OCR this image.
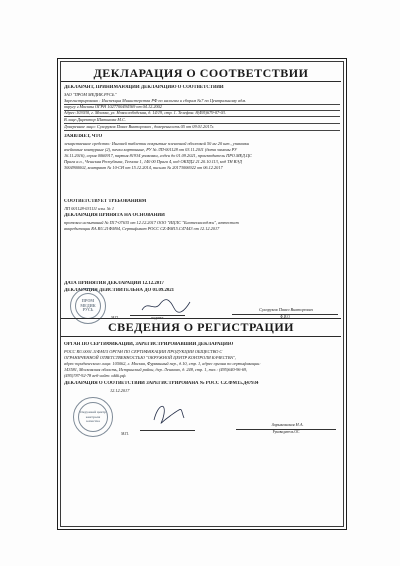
ДЕКЛАРАЦИЯ О СООТВЕТСТВИИ
ДЕКЛАРАНТ, ПРИНИМАЮЩИЙ ДЕКЛАРАЦИЮ О СООТВЕТСТВИИ
ЗАО "ПРОМ МЕДИК.РУСЬ"
Зарегистрировано : Инспекция Министерства РФ по налогам и сборам №7 по Центральному адм.
округу г.Москвы ОГРН 1027700494369 от 04.12.2002
Адрес:103030, г. Москва, ул. Новослободская, д. 14/19, стр. 1. Телефон: 8(495)679-07-03.
В лице:Директор Шатькова М.С.
Доверенное лицо: Сухоруков Павел Викторович , доверенность 05 от 09.01.2017г.
ЗАЯВЛЯЕТ, ЧТО
лекарственное средство: Ингавей таблетки покрытые пленочной оболочкой 50 мг 20 шт., упаковки
ячейковые контурные (2), пачки картонные, РУ № ЛП-001128 от 03.11.2011 (дата замены РУ
16.11.2016), серия 0060917, партия 81934 упаковки, годен до 01.09.2021, производитель ПРО.МЕД.ЦС
Прага а.о., Чешская Республика, Телчска 1, 140 00 Прага 4, код ОКПД2 21.20.10.113, код ТН ВЭД
3004900002, контракт № 10-CH от 15.12.2014, письмо № 20173006922 от 06.12.2017
СООТВЕТСТВУЕТ ТРЕБОВАНИЯМ
ЛП 001128-031111 изм. № 1
ДЕКЛАРАЦИЯ ПРИНЯТА НА ОСНОВАНИИ
протокол испытаний № П17-07635 от 12.12.2017 ООО "ИЦЛС "Биотехнолоджи", аттестат
аккредитации RA.RU.21ФМ04, Сертификат РОСС CZ.ФМ15.С47443 от 12.12.2017
ДАТА ПРИНЯТИЯ ДЕКЛАРАЦИИ 12.12.2017
ДЕКЛАРАЦИЯ ДЕЙСТВИТЕЛЬНА ДО 01.09.2021
ПРОМ МЕДИК РУСЬ
подпись
М.П.
Сухоруков Павел Викторович
Ф.И.О
СВЕДЕНИЯ О РЕГИСТРАЦИИ
ОРГАН ПО СЕРТИФИКАЦИИ, ЗАРЕГИСТРИРОВАВШИЙ ДЕКЛАРАЦИЮ
РОСС RU.0001.11ФМ15 ОРГАН ПО СЕРТИФИКАЦИИ ПРОДУКЦИИ ОБЩЕСТВО С
ОГРАНИЧЕННОЙ ОТВЕТСТВЕННОСТЬЮ "ОКРУЖНОЙ ЦЕНТР КОНТРОЛЯ КАЧЕСТВА",
адрес юридического лица: 105062, г. Москва, Фурманный пер., д.10, стр. 1, адрес органа по сертификации:
143581, Московская область, Истринский район, дер. Лешково, д. 248, стр. 1, тел.: (495)640-96-69,
(495)787-92-78 веб-сайт: okkk.pф.
ДЕКЛАРАЦИЯ О СООТВЕТСТВИИ ЗАРЕГИСТРИРОВАНА № РОСС CZ.ФМ15.Д47934
12.12.2017
Окружной центр контроля качества
М.П.
Зарыковская Н.А.
Руководитель ОС
